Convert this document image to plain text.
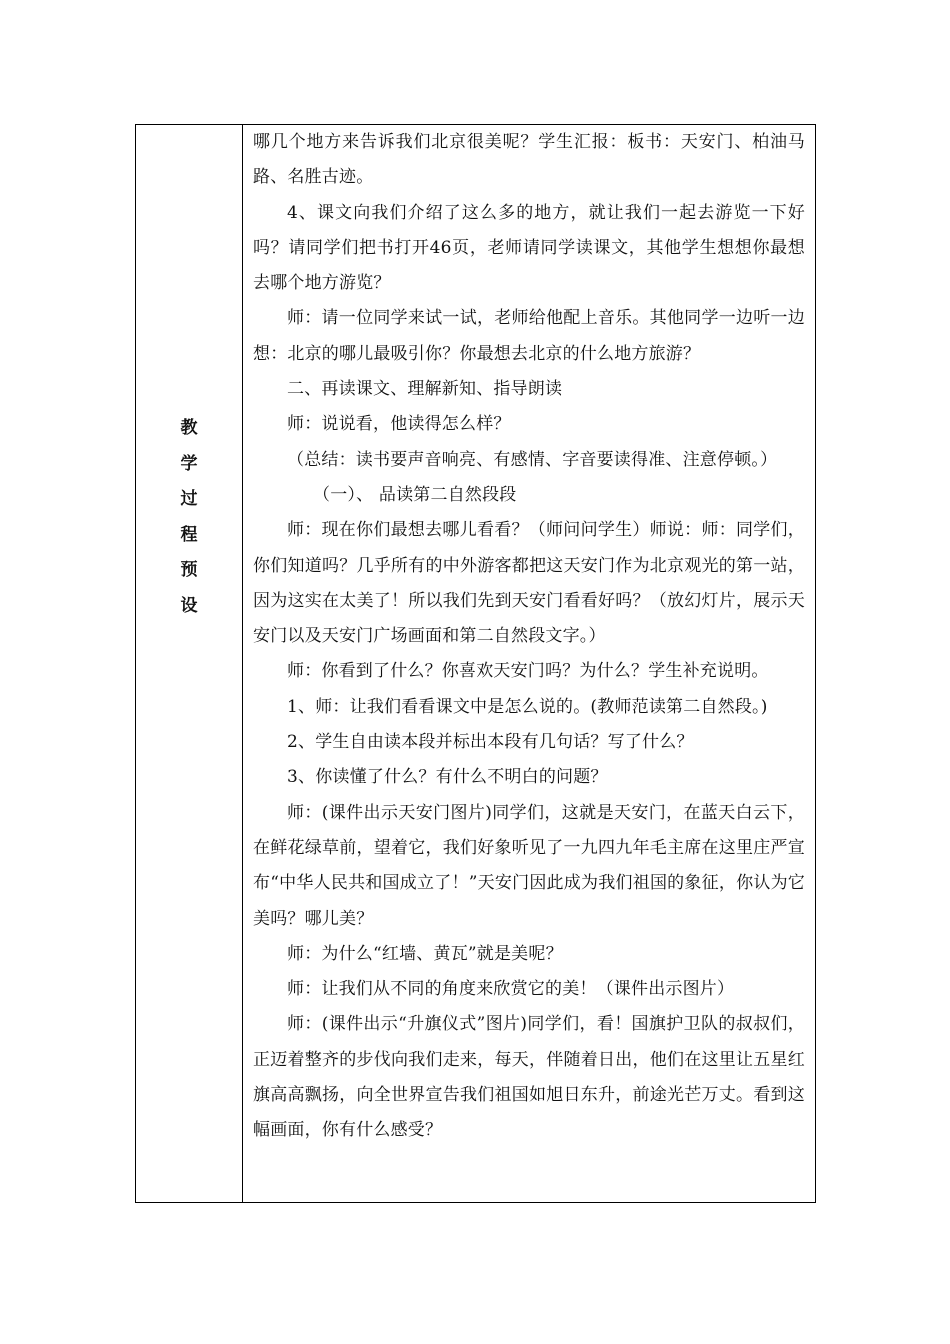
教
学
过
程
预
设

哪几个地方来告诉我们北京很美呢？学生汇报：板书：天安门、柏油马路、名胜古迹。

4、课文向我们介绍了这么多的地方，就让我们一起去游览一下好吗？请同学们把书打开46页，老师请同学读课文，其他学生想想你最想去哪个地方游览？

师：请一位同学来试一试，老师给他配上音乐。其他同学一边听一边想：北京的哪儿最吸引你？你最想去北京的什么地方旅游？

二、再读课文、理解新知、指导朗读

师：说说看，他读得怎么样？

（总结：读书要声音响亮、有感情、字音要读得准、注意停顿。）

（一）、 品读第二自然段段

师：现在你们最想去哪儿看看？（师问问学生）师说：师：同学们，你们知道吗？几乎所有的中外游客都把这天安门作为北京观光的第一站，因为这实在太美了！所以我们先到天安门看看好吗？（放幻灯片，展示天安门以及天安门广场画面和第二自然段文字。）

师：你看到了什么？你喜欢天安门吗？为什么？学生补充说明。

1、师：让我们看看课文中是怎么说的。(教师范读第二自然段。)

2、学生自由读本段并标出本段有几句话？写了什么？

3、你读懂了什么？有什么不明白的问题？

师：(课件出示天安门图片)同学们，这就是天安门，在蓝天白云下，在鲜花绿草前，望着它，我们好象听见了一九四九年毛主席在这里庄严宣布“中华人民共和国成立了！”天安门因此成为我们祖国的象征，你认为它美吗？哪儿美？

师：为什么“红墙、黄瓦”就是美呢？

师：让我们从不同的角度来欣赏它的美！（课件出示图片）

师：(课件出示“升旗仪式”图片)同学们，看！国旗护卫队的叔叔们，正迈着整齐的步伐向我们走来，每天，伴随着日出，他们在这里让五星红旗高高飘扬，向全世界宣告我们祖国如旭日东升，前途光芒万丈。看到这幅画面，你有什么感受？
